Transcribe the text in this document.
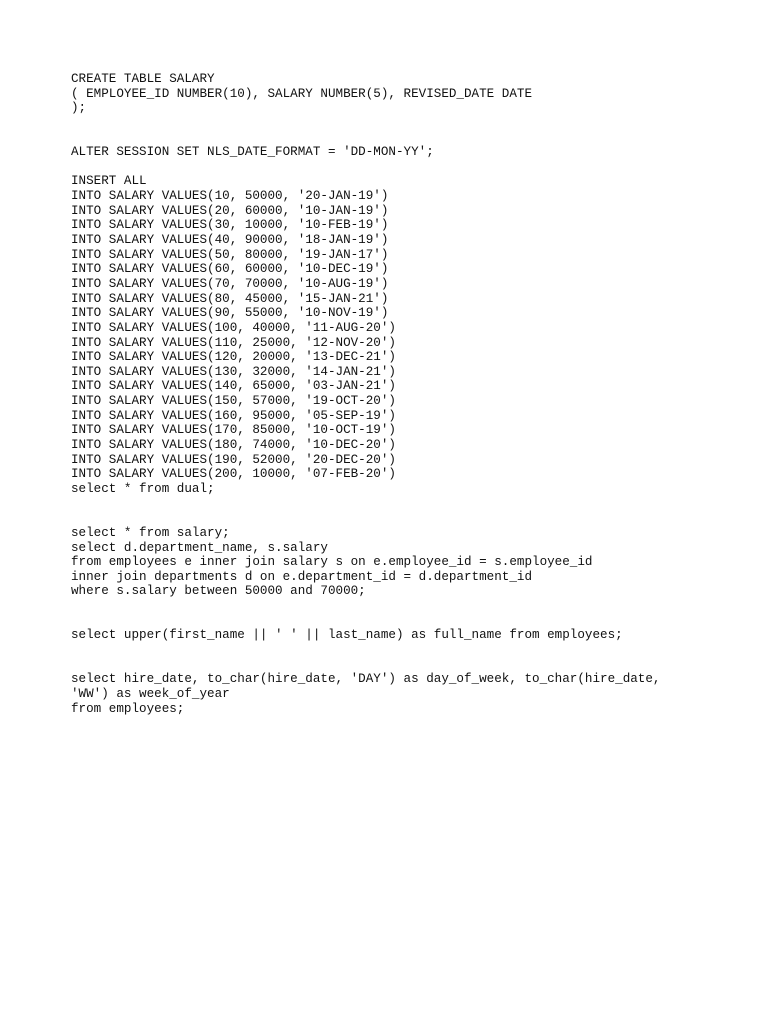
CREATE TABLE SALARY
( EMPLOYEE_ID NUMBER(10), SALARY NUMBER(5), REVISED_DATE DATE
);
ALTER SESSION SET NLS_DATE_FORMAT = 'DD-MON-YY';
INSERT ALL
INTO SALARY VALUES(10, 50000, '20-JAN-19')
INTO SALARY VALUES(20, 60000, '10-JAN-19')
INTO SALARY VALUES(30, 10000, '10-FEB-19')
INTO SALARY VALUES(40, 90000, '18-JAN-19')
INTO SALARY VALUES(50, 80000, '19-JAN-17')
INTO SALARY VALUES(60, 60000, '10-DEC-19')
INTO SALARY VALUES(70, 70000, '10-AUG-19')
INTO SALARY VALUES(80, 45000, '15-JAN-21')
INTO SALARY VALUES(90, 55000, '10-NOV-19')
INTO SALARY VALUES(100, 40000, '11-AUG-20')
INTO SALARY VALUES(110, 25000, '12-NOV-20')
INTO SALARY VALUES(120, 20000, '13-DEC-21')
INTO SALARY VALUES(130, 32000, '14-JAN-21')
INTO SALARY VALUES(140, 65000, '03-JAN-21')
INTO SALARY VALUES(150, 57000, '19-OCT-20')
INTO SALARY VALUES(160, 95000, '05-SEP-19')
INTO SALARY VALUES(170, 85000, '10-OCT-19')
INTO SALARY VALUES(180, 74000, '10-DEC-20')
INTO SALARY VALUES(190, 52000, '20-DEC-20')
INTO SALARY VALUES(200, 10000, '07-FEB-20')
select * from dual;
select * from salary;
select d.department_name, s.salary
from employees e inner join salary s on e.employee_id = s.employee_id
inner join departments d on e.department_id = d.department_id
where s.salary between 50000 and 70000;
select upper(first_name || ' ' || last_name) as full_name from employees;
select hire_date, to_char(hire_date, 'DAY') as day_of_week, to_char(hire_date,
'WW') as week_of_year
from employees;
